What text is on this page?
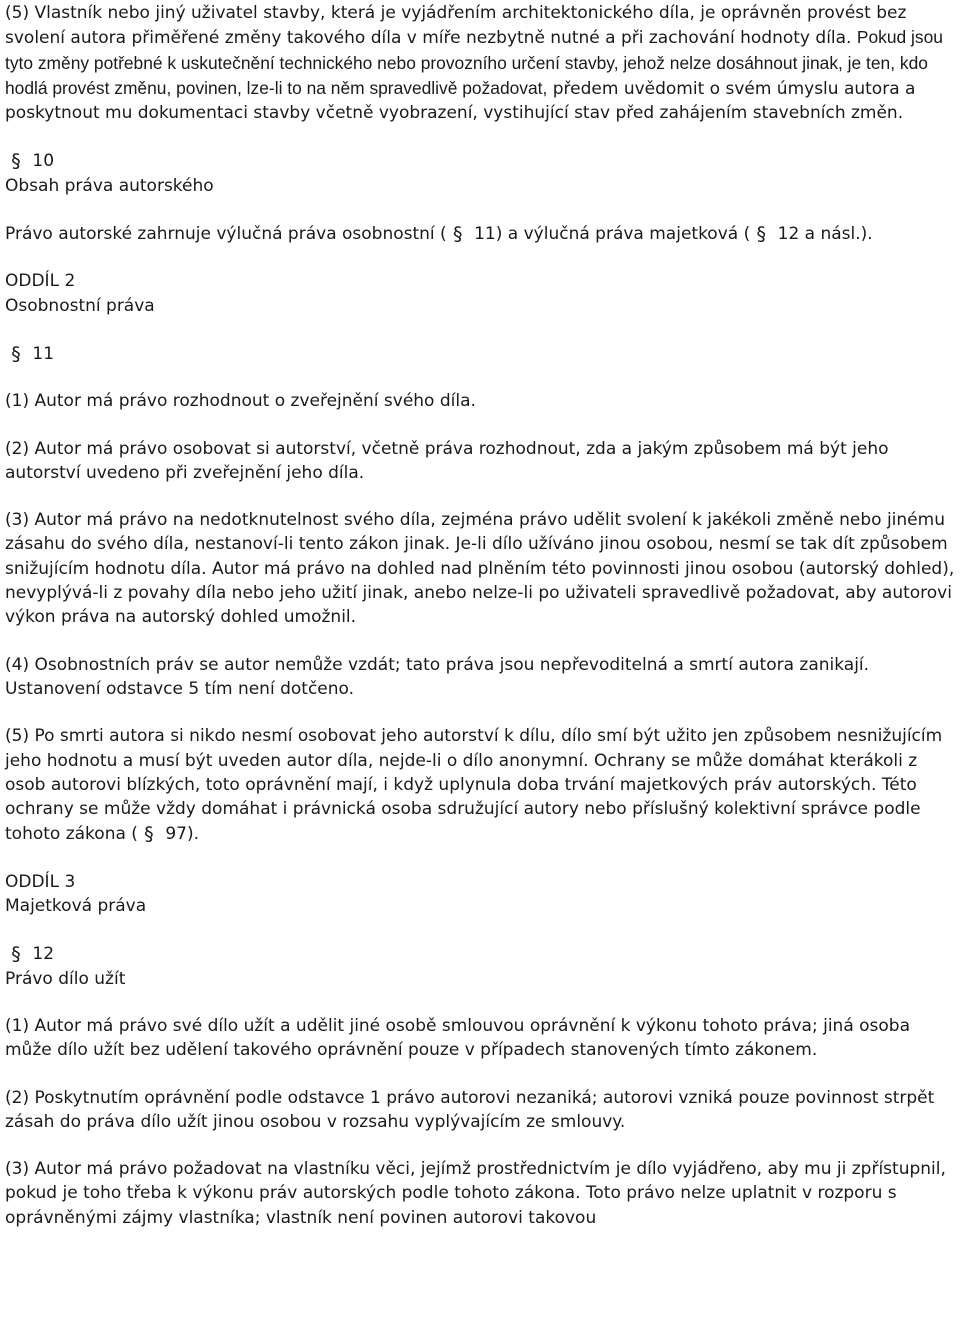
(5) Vlastník nebo jiný uživatel stavby, která je vyjádřením architektonického díla, je oprávněn provést bez svolení autora přiměřené změny takového díla v míře nezbytně nutné a při zachování hodnoty díla. Pokud jsou tyto změny potřebné k uskutečnění technického nebo provozního určení stavby, jehož nelze dosáhnout jinak, je ten, kdo hodlá provést změnu, povinen, lze-li to na něm spravedlivě požadovat, předem uvědomit o svém úmyslu autora a poskytnout mu dokumentaci stavby včetně vyobrazení, vystihující stav před zahájením stavebních změn.

§ 10
Obsah práva autorského

Právo autorské zahrnuje výlučná práva osobnostní ( § 11) a výlučná práva majetková ( § 12 a násl.).

ODDÍL 2
Osobnostní práva
§ 11

(1) Autor má právo rozhodnout o zveřejnění svého díla.

(2) Autor má právo osobovat si autorství, včetně práva rozhodnout, zda a jakým způsobem má být jeho autorství uvedeno při zveřejnění jeho díla.

(3) Autor má právo na nedotknutelnost svého díla, zejména právo udělit svolení k jakékoli změně nebo jinému zásahu do svého díla, nestanoví-li tento zákon jinak. Je-li dílo užíváno jinou osobou, nesmí se tak dít způsobem snižujícím hodnotu díla. Autor má právo na dohled nad plněním této povinnosti jinou osobou (autorský dohled), nevyplývá-li z povahy díla nebo jeho užití jinak, anebo nelze-li po uživateli spravedlivě požadovat, aby autorovi výkon práva na autorský dohled umožnil.

(4) Osobnostních práv se autor nemůže vzdát; tato práva jsou nepřevoditelná a smrtí autora zanikají. Ustanovení odstavce 5 tím není dotčeno.

(5) Po smrti autora si nikdo nesmí osobovat jeho autorství k dílu, dílo smí být užito jen způsobem nesnižujícím jeho hodnotu a musí být uveden autor díla, nejde-li o dílo anonymní. Ochrany se může domáhat kterákoli z osob autorovi blízkých, toto oprávnění mají, i když uplynula doba trvání majetkových práv autorských. Této ochrany se může vždy domáhat i právnická osoba sdružující autory nebo příslušný kolektivní správce podle tohoto zákona ( § 97).

ODDÍL 3
Majetková práva
§ 12
Právo dílo užít

(1) Autor má právo své dílo užít a udělit jiné osobě smlouvou oprávnění k výkonu tohoto práva; jiná osoba může dílo užít bez udělení takového oprávnění pouze v případech stanovených tímto zákonem.

(2) Poskytnutím oprávnění podle odstavce 1 právo autorovi nezaniká; autorovi vzniká pouze povinnost strpět zásah do práva dílo užít jinou osobou v rozsahu vyplývajícím ze smlouvy.

(3) Autor má právo požadovat na vlastníku věci, jejímž prostřednictvím je dílo vyjádřeno, aby mu ji zpřístupnil, pokud je toho třeba k výkonu práv autorských podle tohoto zákona. Toto právo nelze uplatnit v rozporu s oprávněnými zájmy vlastníka; vlastník není povinen autorovi takovou
